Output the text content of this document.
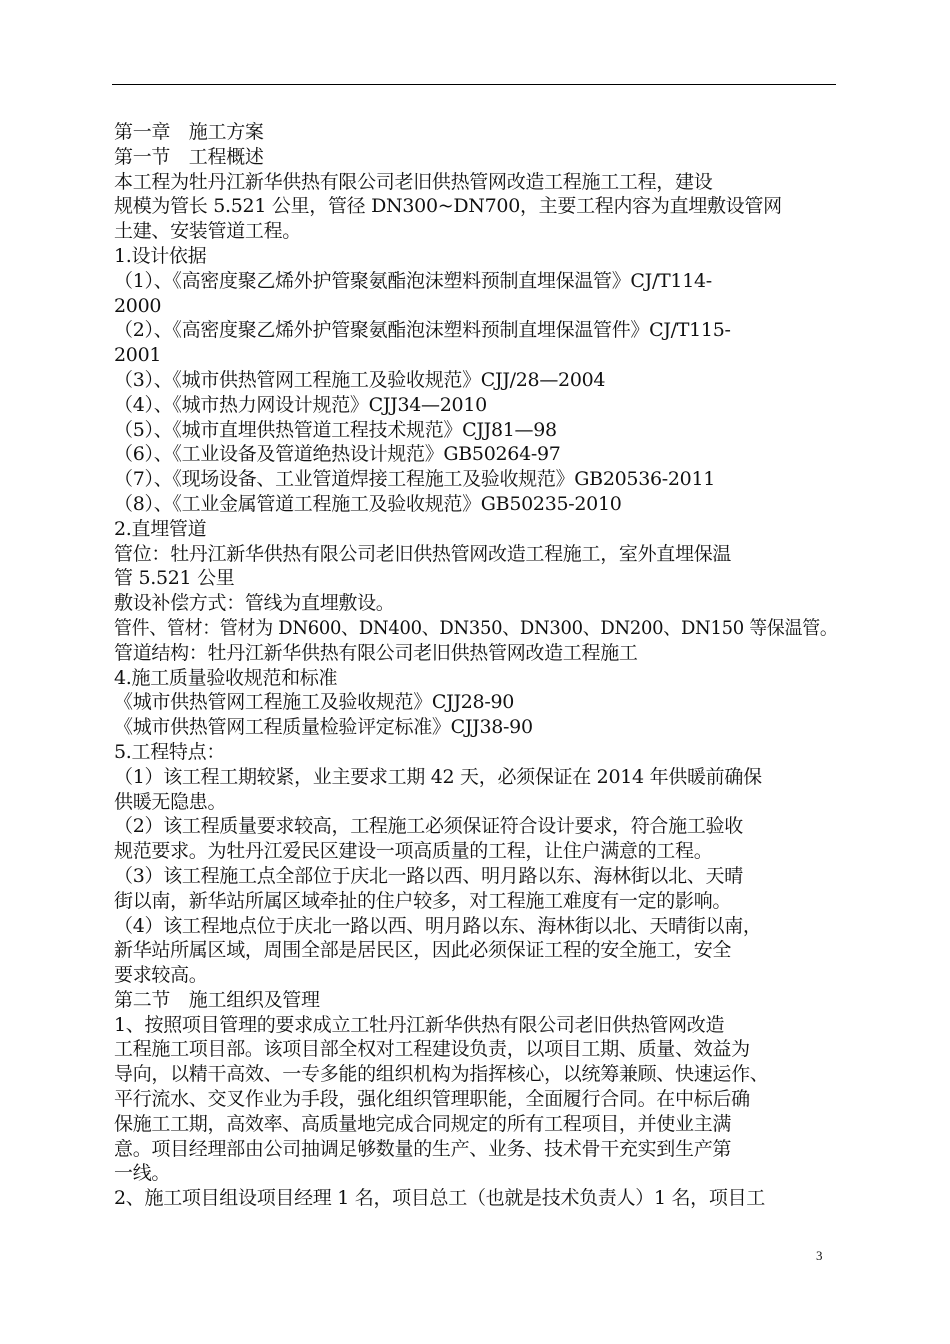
第一章　施工方案
第一节　工程概述
本工程为牡丹江新华供热有限公司老旧供热管网改造工程施工工程，建设
规模为管长 5.521 公里，管径 DN300~DN700，主要工程内容为直埋敷设管网
土建、安装管道工程。
1.设计依据
（1）、《高密度聚乙烯外护管聚氨酯泡沫塑料预制直埋保温管》CJ/T114-
2000
（2）、《高密度聚乙烯外护管聚氨酯泡沫塑料预制直埋保温管件》CJ/T115-
2001
（3）、《城市供热管网工程施工及验收规范》CJJ/28—2004
（4）、《城市热力网设计规范》CJJ34—2010
（5）、《城市直埋供热管道工程技术规范》CJJ81—98
（6）、《工业设备及管道绝热设计规范》GB50264-97
（7）、《现场设备、工业管道焊接工程施工及验收规范》GB20536-2011
（8）、《工业金属管道工程施工及验收规范》GB50235-2010
2.直埋管道
管位：牡丹江新华供热有限公司老旧供热管网改造工程施工，室外直埋保温
管 5.521 公里
敷设补偿方式：管线为直埋敷设。
管件、管材：管材为 DN600、DN400、DN350、DN300、DN200、DN150 等保温管。
管道结构：牡丹江新华供热有限公司老旧供热管网改造工程施工
4.施工质量验收规范和标准
《城市供热管网工程施工及验收规范》CJJ28-90
《城市供热管网工程质量检验评定标准》CJJ38-90
5.工程特点：
（1）该工程工期较紧，业主要求工期 42 天，必须保证在 2014 年供暖前确保
供暖无隐患。
（2）该工程质量要求较高，工程施工必须保证符合设计要求，符合施工验收
规范要求。为牡丹江爱民区建设一项高质量的工程，让住户满意的工程。
（3）该工程施工点全部位于庆北一路以西、明月路以东、海林街以北、天晴
街以南，新华站所属区域牵扯的住户较多，对工程施工难度有一定的影响。
（4）该工程地点位于庆北一路以西、明月路以东、海林街以北、天晴街以南，
新华站所属区域，周围全部是居民区，因此必须保证工程的安全施工，安全
要求较高。
第二节　施工组织及管理
1、按照项目管理的要求成立工牡丹江新华供热有限公司老旧供热管网改造
工程施工项目部。该项目部全权对工程建设负责，以项目工期、质量、效益为
导向，以精干高效、一专多能的组织机构为指挥核心，以统筹兼顾、快速运作、
平行流水、交叉作业为手段，强化组织管理职能，全面履行合同。在中标后确
保施工工期，高效率、高质量地完成合同规定的所有工程项目，并使业主满
意。项目经理部由公司抽调足够数量的生产、业务、技术骨干充实到生产第
一线。
2、施工项目组设项目经理 1 名，项目总工（也就是技术负责人）1 名，项目工
3
